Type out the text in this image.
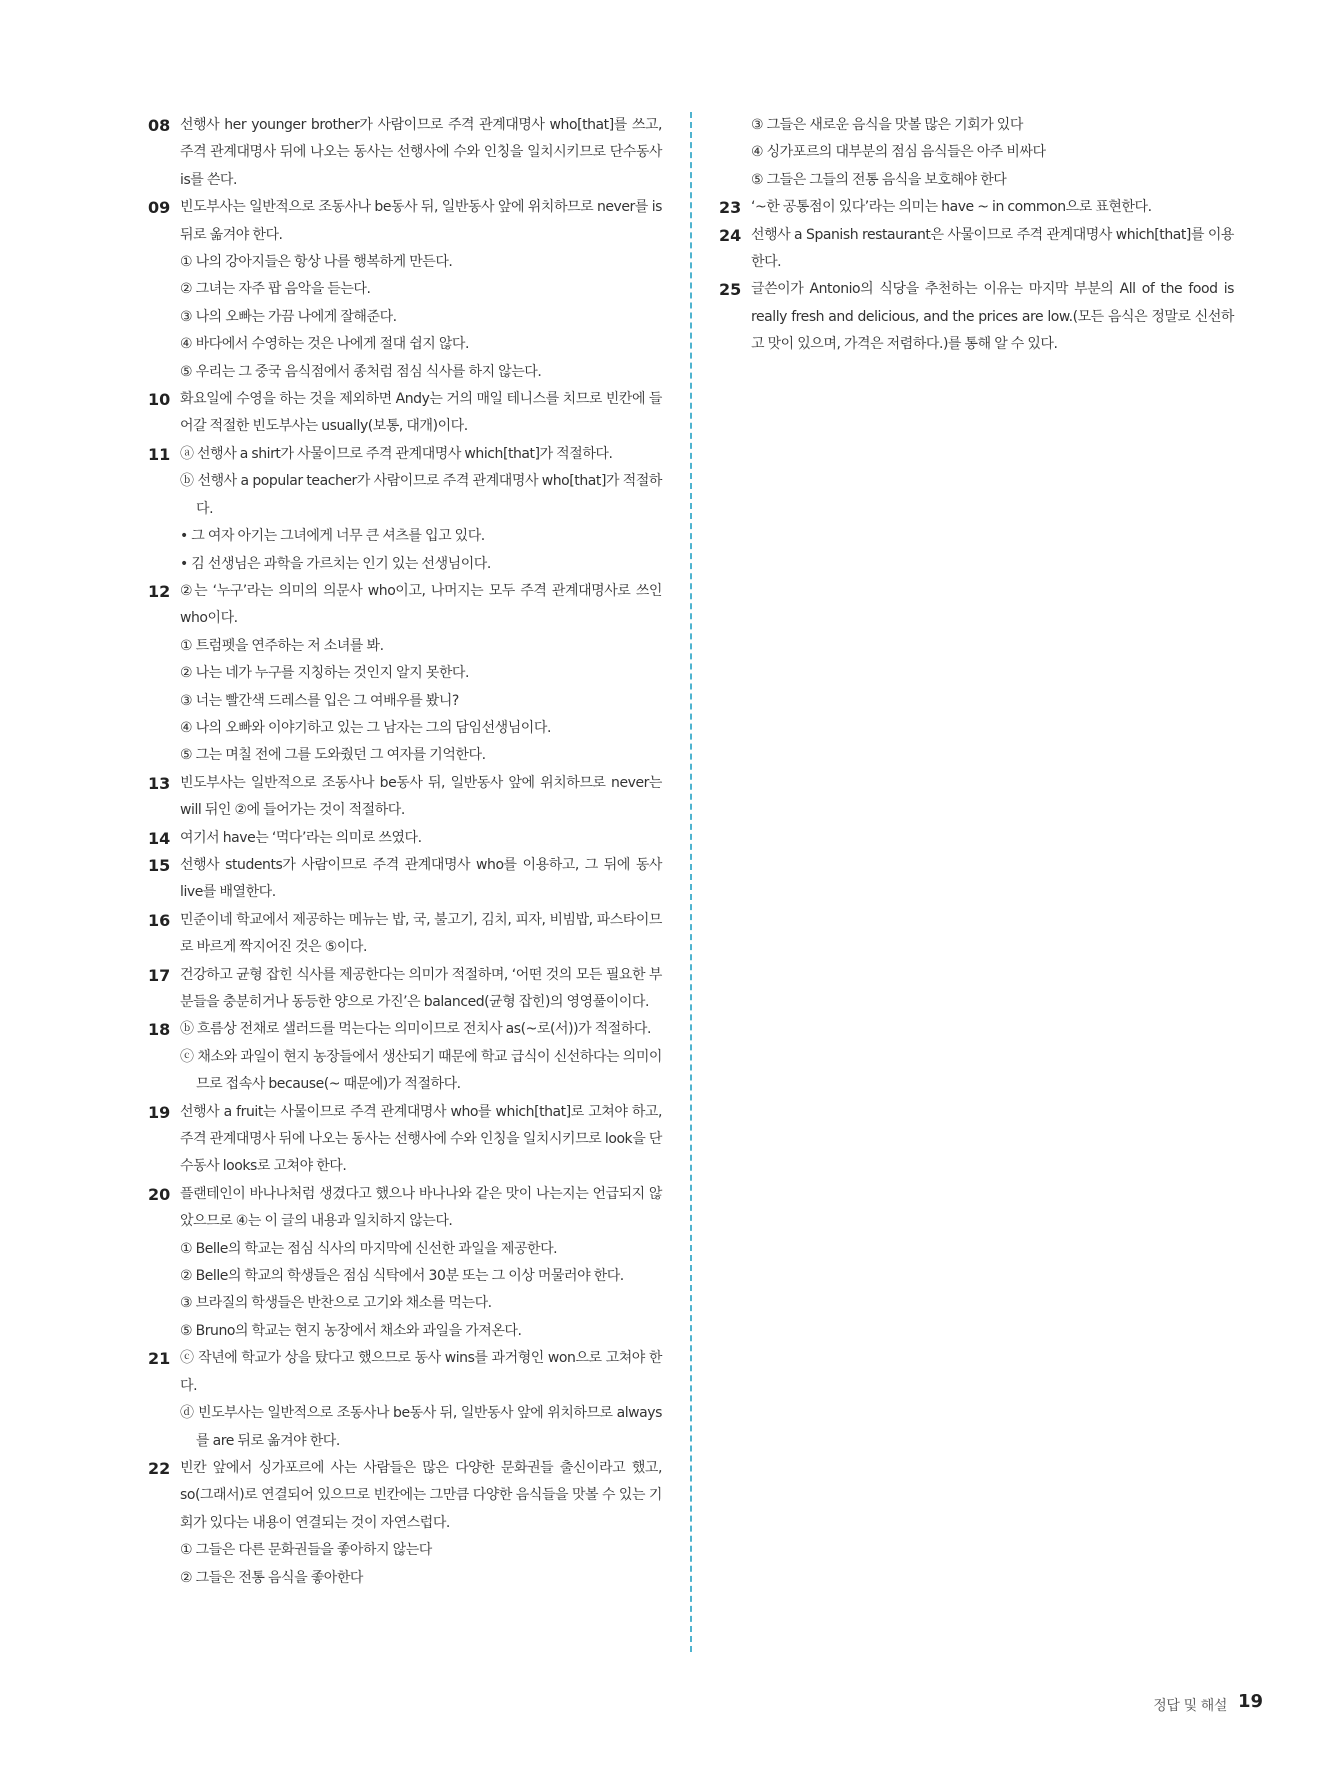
08 선행사 her younger brother가 사람이므로 주격 관계대명사 who[that]를 쓰고, 주격 관계대명사 뒤에 나오는 동사는 선행사에 수와 인칭을 일치시키므로 단수동사 is를 쓴다.
09 빈도부사는 일반적으로 조동사나 be동사 뒤, 일반동사 앞에 위치하므로 never를 is 뒤로 옮겨야 한다.
① 나의 강아지들은 항상 나를 행복하게 만든다.
② 그녀는 자주 팝 음악을 듣는다.
③ 나의 오빠는 가끔 나에게 잘해준다.
④ 바다에서 수영하는 것은 나에게 절대 쉽지 않다.
⑤ 우리는 그 중국 음식점에서 종처럼 점심 식사를 하지 않는다.
10 화요일에 수영을 하는 것을 제외하면 Andy는 거의 매일 테니스를 치므로 빈칸에 들어갈 적절한 빈도부사는 usually(보통, 대개)이다.
11 ⓐ 선행사 a shirt가 사물이므로 주격 관계대명사 which[that]가 적절하다.
ⓑ 선행사 a popular teacher가 사람이므로 주격 관계대명사 who[that]가 적절하다.
• 그 여자 아기는 그녀에게 너무 큰 셔츠를 입고 있다.
• 김 선생님은 과학을 가르치는 인기 있는 선생님이다.
12 ②는 ‘누구’라는 의미의 의문사 who이고, 나머지는 모두 주격 관계대명사로 쓰인 who이다.
① 트럼펫을 연주하는 저 소녀를 봐.
② 나는 네가 누구를 지칭하는 것인지 알지 못한다.
③ 너는 빨간색 드레스를 입은 그 여배우를 봤니?
④ 나의 오빠와 이야기하고 있는 그 남자는 그의 담임선생님이다.
⑤ 그는 며칠 전에 그를 도와줬던 그 여자를 기억한다.
13 빈도부사는 일반적으로 조동사나 be동사 뒤, 일반동사 앞에 위치하므로 never는 will 뒤인 ②에 들어가는 것이 적절하다.
14 여기서 have는 ‘먹다’라는 의미로 쓰였다.
15 선행사 students가 사람이므로 주격 관계대명사 who를 이용하고, 그 뒤에 동사 live를 배열한다.
16 민준이네 학교에서 제공하는 메뉴는 밥, 국, 불고기, 김치, 피자, 비빔밥, 파스타이므로 바르게 짝지어진 것은 ⑤이다.
17 건강하고 균형 잡힌 식사를 제공한다는 의미가 적절하며, ‘어떤 것의 모든 필요한 부분들을 충분히거나 동등한 양으로 가진’은 balanced(균형 잡힌)의 영영풀이이다.
18 ⓑ 흐름상 전채로 샐러드를 먹는다는 의미이므로 전치사 as(~로(서))가 적절하다.
ⓒ 채소와 과일이 현지 농장들에서 생산되기 때문에 학교 급식이 신선하다는 의미이므로 접속사 because(~ 때문에)가 적절하다.
19 선행사 a fruit는 사물이므로 주격 관계대명사 who를 which[that]로 고쳐야 하고, 주격 관계대명사 뒤에 나오는 동사는 선행사에 수와 인칭을 일치시키므로 look을 단수동사 looks로 고쳐야 한다.
20 플랜테인이 바나나처럼 생겼다고 했으나 바나나와 같은 맛이 나는지는 언급되지 않았으므로 ④는 이 글의 내용과 일치하지 않는다.
① Belle의 학교는 점심 식사의 마지막에 신선한 과일을 제공한다.
② Belle의 학교의 학생들은 점심 식탁에서 30분 또는 그 이상 머물러야 한다.
③ 브라질의 학생들은 반찬으로 고기와 채소를 먹는다.
⑤ Bruno의 학교는 현지 농장에서 채소와 과일을 가져온다.
21 ⓒ 작년에 학교가 상을 탔다고 했으므로 동사 wins를 과거형인 won으로 고쳐야 한다.
ⓓ 빈도부사는 일반적으로 조동사나 be동사 뒤, 일반동사 앞에 위치하므로 always를 are 뒤로 옮겨야 한다.
22 빈칸 앞에서 싱가포르에 사는 사람들은 많은 다양한 문화권들 출신이라고 했고, so(그래서)로 연결되어 있으므로 빈칸에는 그만큼 다양한 음식들을 맛볼 수 있는 기회가 있다는 내용이 연결되는 것이 자연스럽다.
① 그들은 다른 문화권들을 좋아하지 않는다
② 그들은 전통 음식을 좋아한다
③ 그들은 새로운 음식을 맛볼 많은 기회가 있다
④ 싱가포르의 대부분의 점심 음식들은 아주 비싸다
⑤ 그들은 그들의 전통 음식을 보호해야 한다
23 ‘~한 공통점이 있다’라는 의미는 have ~ in common으로 표현한다.
24 선행사 a Spanish restaurant은 사물이므로 주격 관계대명사 which[that]를 이용한다.
25 글쓴이가 Antonio의 식당을 추천하는 이유는 마지막 부분의 All of the food is really fresh and delicious, and the prices are low.(모든 음식은 정말로 신선하고 맛이 있으며, 가격은 저렴하다.)를 통해 알 수 있다.
정답 및 해설 19
